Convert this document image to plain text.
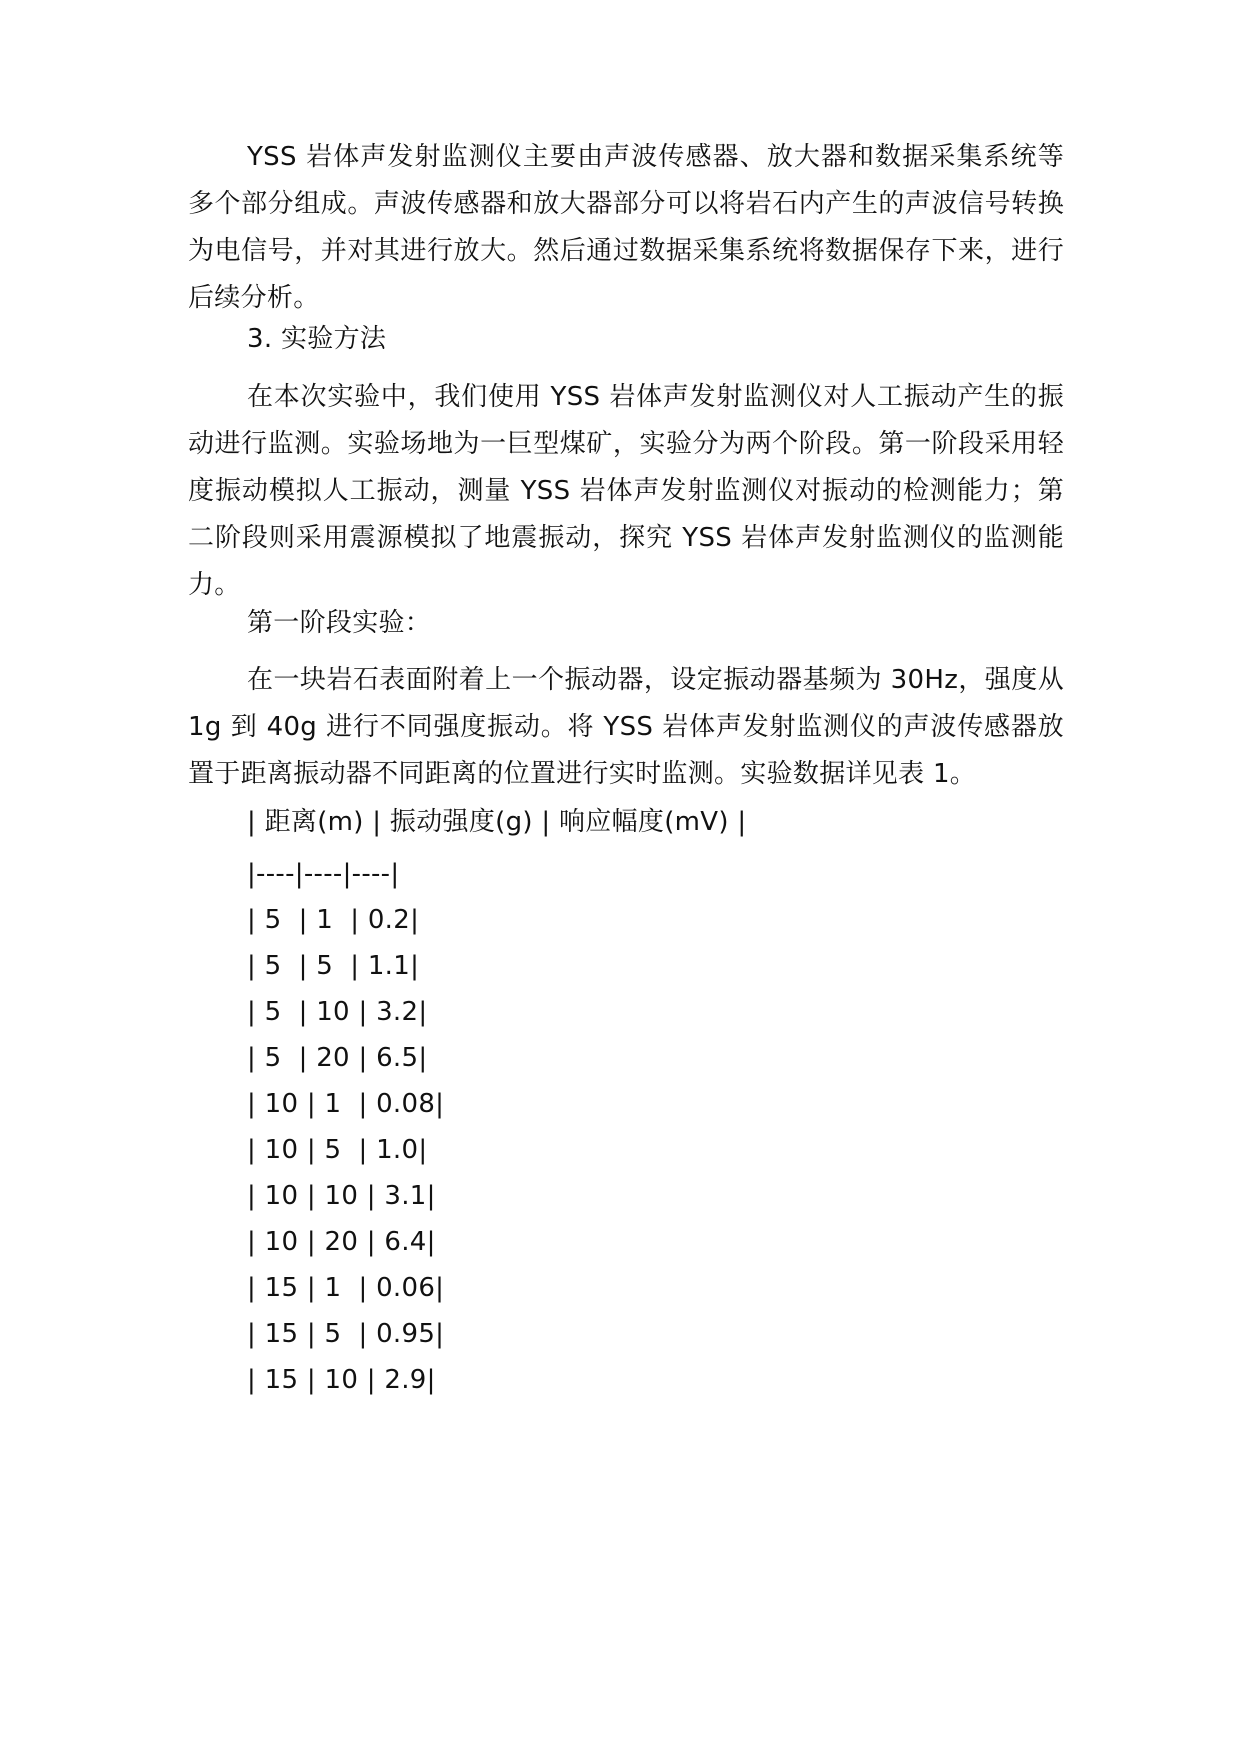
YSS 岩体声发射监测仪主要由声波传感器、放大器和数据采集系统等多个部分组成。声波传感器和放大器部分可以将岩石内产生的声波信号转换为电信号，并对其进行放大。然后通过数据采集系统将数据保存下来，进行后续分析。

3. 实验方法

在本次实验中，我们使用 YSS 岩体声发射监测仪对人工振动产生的振动进行监测。实验场地为一巨型煤矿，实验分为两个阶段。第一阶段采用轻度振动模拟人工振动，测量 YSS 岩体声发射监测仪对振动的检测能力；第二阶段则采用震源模拟了地震振动，探究 YSS 岩体声发射监测仪的监测能力。

第一阶段实验：

在一块岩石表面附着上一个振动器，设定振动器基频为 30Hz，强度从 1g 到 40g 进行不同强度振动。将 YSS 岩体声发射监测仪的声波传感器放置于距离振动器不同距离的位置进行实时监测。实验数据详见表 1。

| 距离(m) | 振动强度(g) | 响应幅度(mV) |

|----|----|----|

| 5  | 1  | 0.2|

| 5  | 5  | 1.1|

| 5  | 10 | 3.2|

| 5  | 20 | 6.5|

| 10 | 1  | 0.08|

| 10 | 5  | 1.0|

| 10 | 10 | 3.1|

| 10 | 20 | 6.4|

| 15 | 1  | 0.06|

| 15 | 5  | 0.95|

| 15 | 10 | 2.9|
